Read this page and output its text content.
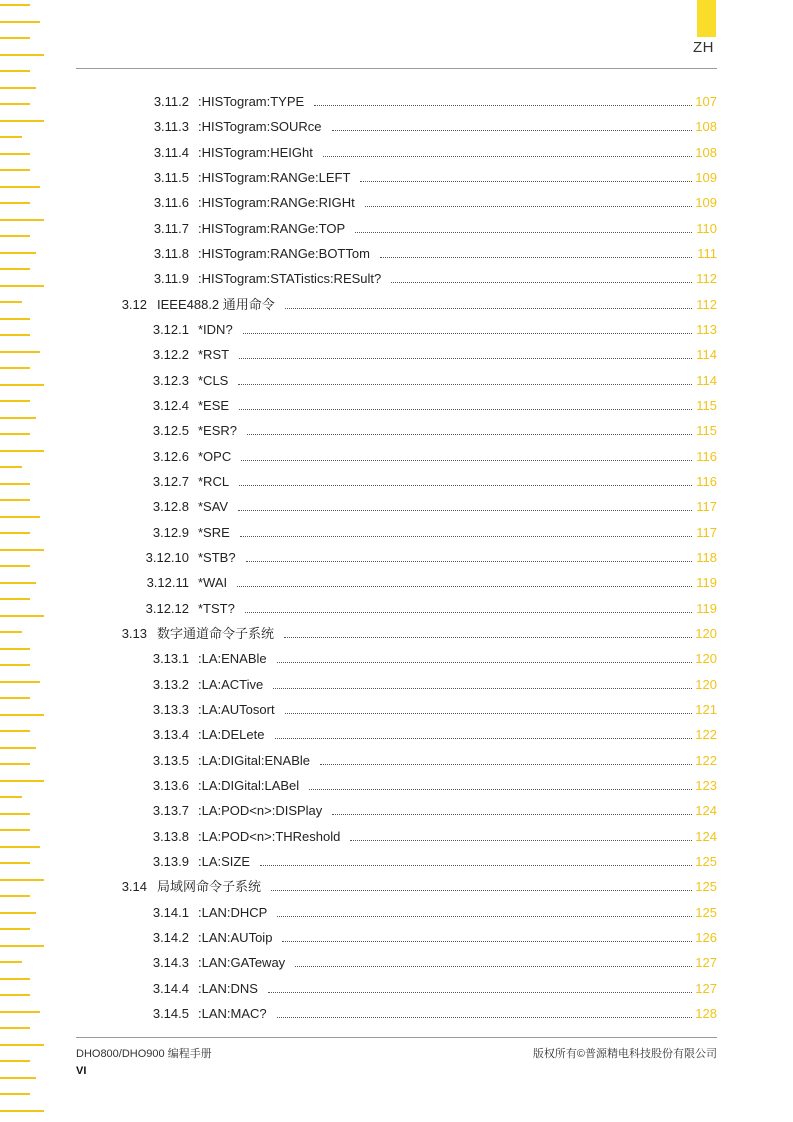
ZH
3.11.2 :HISTogram:TYPE	107
3.11.3 :HISTogram:SOURce	108
3.11.4 :HISTogram:HEIGht	108
3.11.5 :HISTogram:RANGe:LEFT	109
3.11.6 :HISTogram:RANGe:RIGHt	109
3.11.7 :HISTogram:RANGe:TOP	110
3.11.8 :HISTogram:RANGe:BOTTom	111
3.11.9 :HISTogram:STATistics:RESult?	112
3.12 IEEE488.2 通用命令	112
3.12.1 *IDN?	113
3.12.2 *RST	114
3.12.3 *CLS	114
3.12.4 *ESE	115
3.12.5 *ESR?	115
3.12.6 *OPC	116
3.12.7 *RCL	116
3.12.8 *SAV	117
3.12.9 *SRE	117
3.12.10 *STB?	118
3.12.11 *WAI	119
3.12.12 *TST?	119
3.13 数字通道命令子系统	120
3.13.1 :LA:ENABle	120
3.13.2 :LA:ACTive	120
3.13.3 :LA:AUTosort	121
3.13.4 :LA:DELete	122
3.13.5 :LA:DIGital:ENABle	122
3.13.6 :LA:DIGital:LABel	123
3.13.7 :LA:POD<n>:DISPlay	124
3.13.8 :LA:POD<n>:THReshold	124
3.13.9 :LA:SIZE	125
3.14 局域网命令子系统	125
3.14.1 :LAN:DHCP	125
3.14.2 :LAN:AUToip	126
3.14.3 :LAN:GATeway	127
3.14.4 :LAN:DNS	127
3.14.5 :LAN:MAC?	128
DHO800/DHO900 编程手册	版权所有©普源精电科技股份有限公司
VI
